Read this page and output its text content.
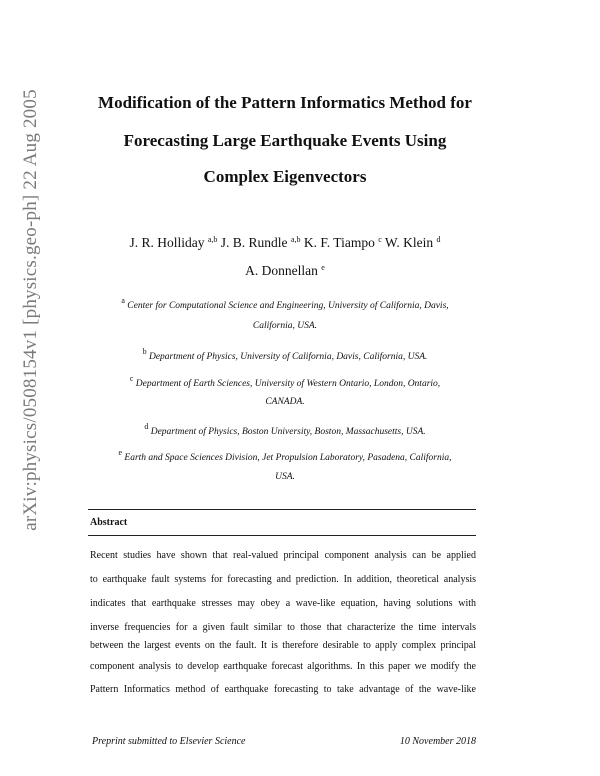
arXiv:physics/0508154v1 [physics.geo-ph] 22 Aug 2005	Modification of the Pattern Informatics Method for
Forecasting Large Earthquake Events Using
Complex Eigenvectors
J. R. Holliday $^{a,b}$ J. B. Rundle $^{a,b}$ K. F. Tiampo $^c$ W. Klein $^d$
A. Donnellan $^e$
$^a$ Center for Computational Science and Engineering, University of California, Davis,
California, USA.
$^b$ Department of Physics, University of California, Davis, California, USA.
$^c$ Department of Earth Sciences, University of Western Ontario, London, Ontario,
CANADA.
$^d$ Department of Physics, Boston University, Boston, Massachusetts, USA.
$^e$ Earth and Space Sciences Division, Jet Propulsion Laboratory, Pasadena, California,
USA.
Abstract
Recent studies have shown that real-valued principal component analysis can be applied
to earthquake fault systems for forecasting and prediction. In addition, theoretical analysis
indicates that earthquake stresses may obey a wave-like equation, having solutions with
inverse frequencies for a given fault similar to those that characterize the time intervals
between the largest events on the fault. It is therefore desirable to apply complex principal
component analysis to develop earthquake forecast algorithms. In this paper we modify the
Pattern Informatics method of earthquake forecasting to take advantage of the wave-like
Preprint submitted to Elsevier Science	10 November 2018
